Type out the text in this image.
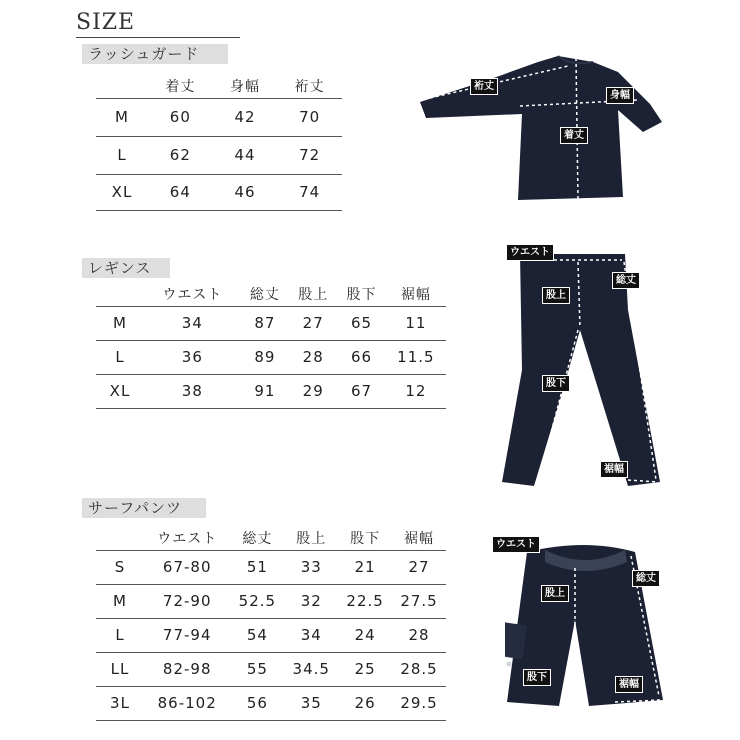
SIZE
ラッシュガード
	着丈	身幅	裄丈
M	60	42	70
L	62	44	72
XL	64	46	74
裄丈
身幅
着丈
レギンス
	ウエスト	総丈	股上	股下	裾幅
M	34	87	27	65	11
L	36	89	28	66	11.5
XL	38	91	29	67	12
ウエスト
総丈
股上
股下
裾幅
サーフパンツ
	ウエスト	総丈	股上	股下	裾幅
S	67-80	51	33	21	27
M	72-90	52.5	32	22.5	27.5
L	77-94	54	34	24	28
LL	82-98	55	34.5	25	28.5
3L	86-102	56	35	26	29.5
ウエスト
総丈
股上
股下
裾幅
